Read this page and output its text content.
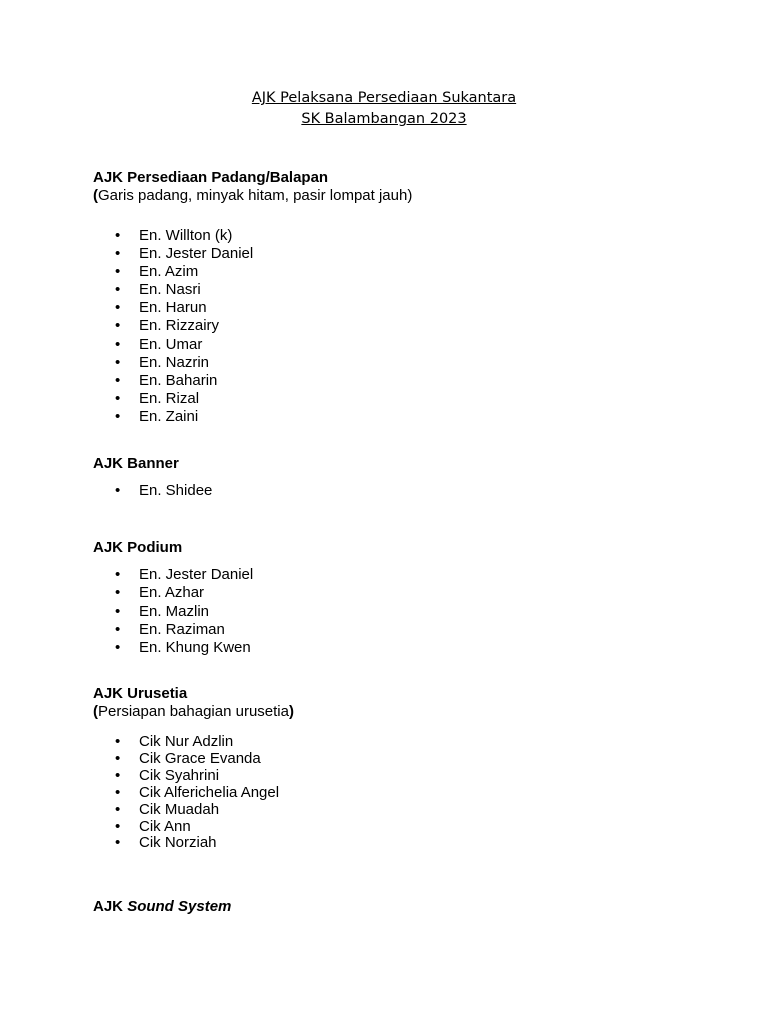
AJK Pelaksana Persediaan Sukantara
SK Balambangan 2023
AJK Persediaan Padang/Balapan
(Garis padang, minyak hitam, pasir lompat jauh)
• En. Willton (k)
• En. Jester Daniel
• En. Azim
• En. Nasri
• En. Harun
• En. Rizzairy
• En. Umar
• En. Nazrin
• En. Baharin
• En. Rizal
• En. Zaini
AJK Banner
• En. Shidee
AJK Podium
• En. Jester Daniel
• En. Azhar
• En. Mazlin
• En. Raziman
• En. Khung Kwen
AJK Urusetia
(Persiapan bahagian urusetia)
• Cik Nur Adzlin
• Cik Grace Evanda
• Cik Syahrini
• Cik Alferichelia Angel
• Cik Muadah
• Cik Ann
• Cik Norziah
AJK Sound System
